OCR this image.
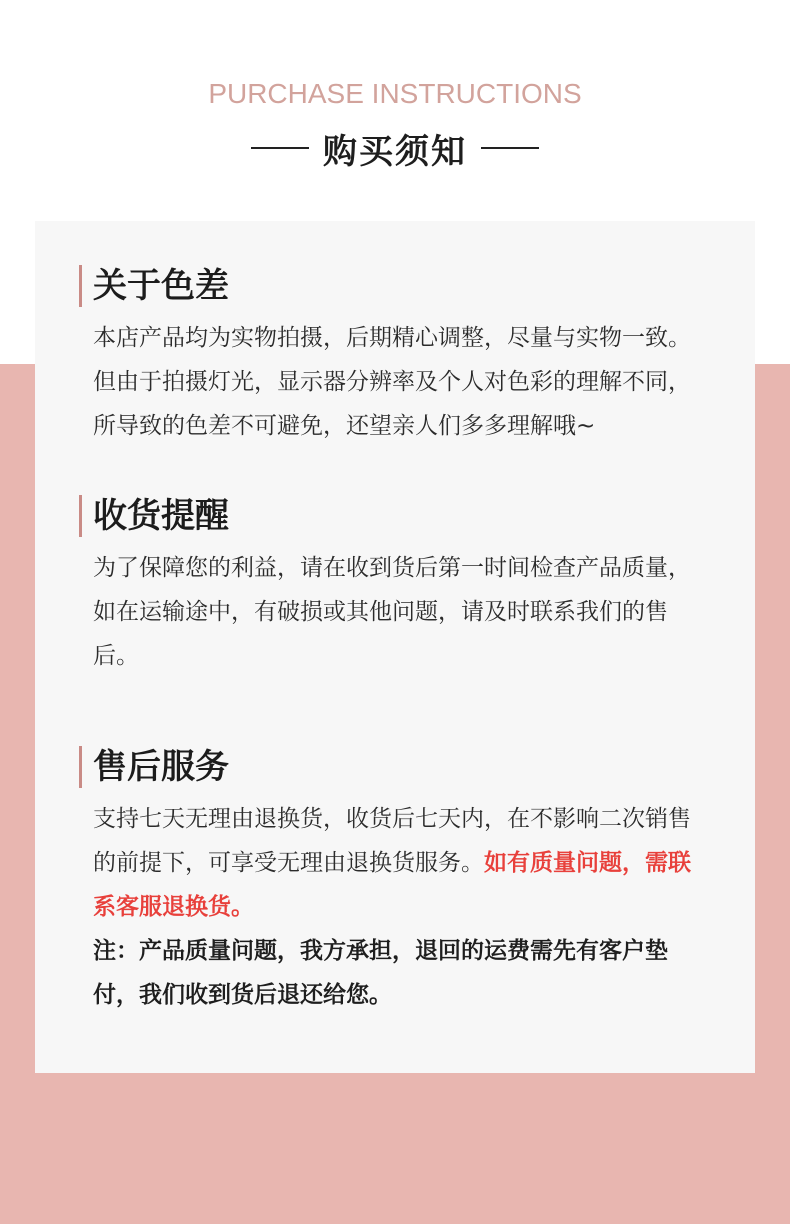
PURCHASE INSTRUCTIONS
购买须知
关于色差
本店产品均为实物拍摄，后期精心调整，尽量与实物一致。但由于拍摄灯光，显示器分辨率及个人对色彩的理解不同，所导致的色差不可避免，还望亲人们多多理解哦~
收货提醒
为了保障您的利益，请在收到货后第一时间检查产品质量，如在运输途中，有破损或其他问题，请及时联系我们的售后。
售后服务
支持七天无理由退换货，收货后七天内，在不影响二次销售的前提下，可享受无理由退换货服务。如有质量问题，需联系客服退换货。
注：产品质量问题，我方承担，退回的运费需先有客户垫付，我们收到货后退还给您。
